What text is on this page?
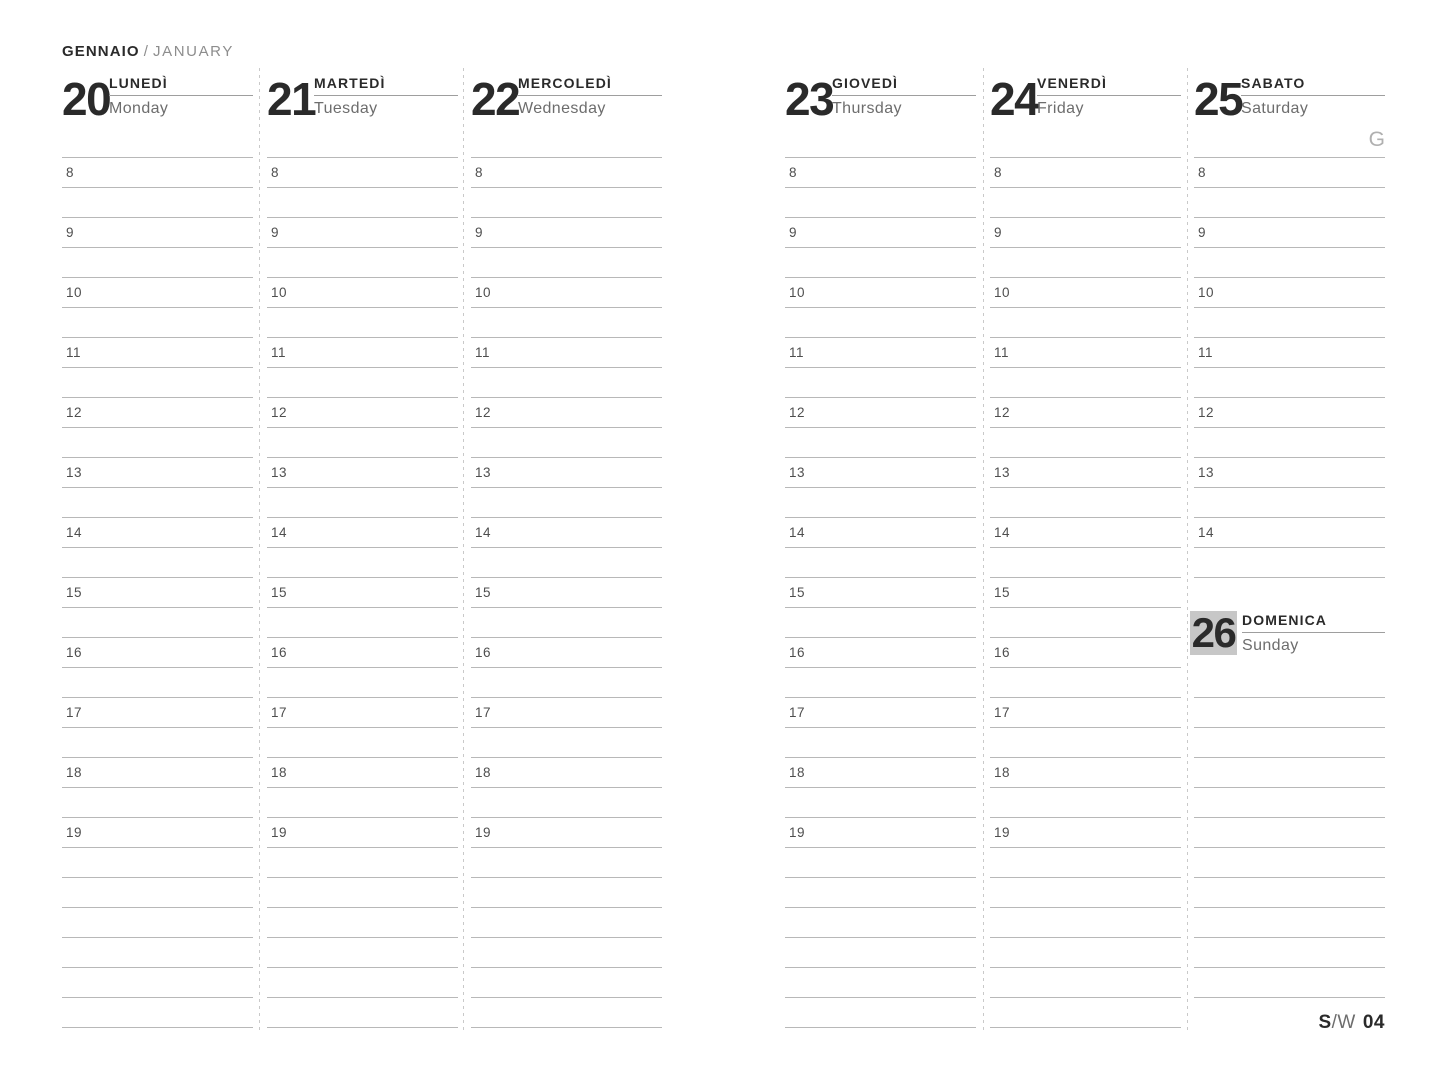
GENNAIO / JANUARY
20
LUNEDÌ
Monday
8
9
10
11
12
13
14
15
16
17
18
19
21
MARTEDÌ
Tuesday
8
9
10
11
12
13
14
15
16
17
18
19
22
MERCOLEDÌ
Wednesday
8
9
10
11
12
13
14
15
16
17
18
19
23
GIOVEDÌ
Thursday
8
9
10
11
12
13
14
15
16
17
18
19
24
VENERDÌ
Friday
8
9
10
11
12
13
14
15
16
17
18
19
25
SABATO
Saturday
8
9
10
11
12
13
14
26 DOMENICA
Sunday
G
S/W 04
